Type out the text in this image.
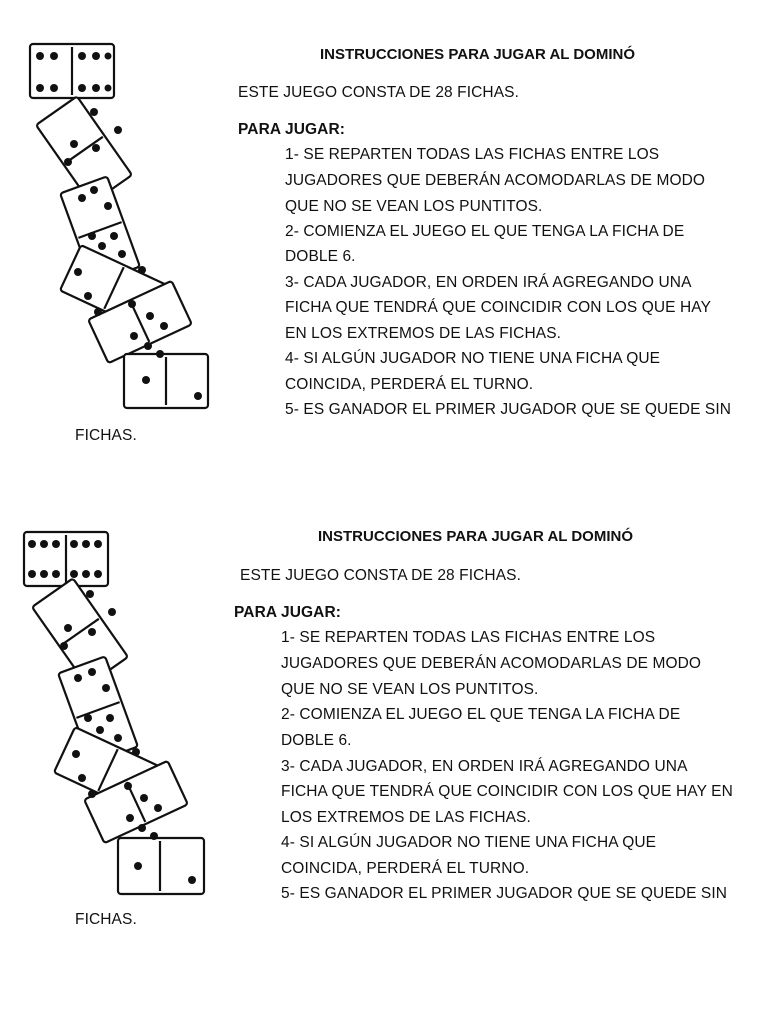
INSTRUCCIONES PARA JUGAR AL DOMINÓ
ESTE JUEGO CONSTA DE 28 FICHAS.
PARA JUGAR:
1- SE REPARTEN TODAS LAS FICHAS ENTRE LOS
JUGADORES QUE DEBERÁN ACOMODARLAS DE MODO
QUE NO SE VEAN LOS PUNTITOS.
2- COMIENZA EL JUEGO EL QUE TENGA LA FICHA DE
DOBLE 6.
3- CADA JUGADOR, EN ORDEN IRÁ AGREGANDO UNA
FICHA QUE TENDRÁ QUE COINCIDIR CON LOS QUE HAY
EN LOS EXTREMOS DE LAS FICHAS.
4- SI ALGÚN JUGADOR NO TIENE UNA FICHA QUE
COINCIDA, PERDERÁ EL TURNO.
5- ES GANADOR EL PRIMER JUGADOR QUE SE QUEDE SIN
FICHAS.
INSTRUCCIONES PARA JUGAR AL DOMINÓ
ESTE JUEGO CONSTA DE 28 FICHAS.
PARA JUGAR:
1- SE REPARTEN TODAS LAS FICHAS ENTRE LOS
JUGADORES QUE DEBERÁN ACOMODARLAS DE MODO
QUE NO SE VEAN LOS PUNTITOS.
2- COMIENZA EL JUEGO EL QUE TENGA LA FICHA DE
DOBLE 6.
3- CADA JUGADOR, EN ORDEN IRÁ AGREGANDO UNA
FICHA QUE TENDRÁ QUE COINCIDIR CON LOS QUE HAY EN
LOS EXTREMOS DE LAS FICHAS.
4- SI ALGÚN JUGADOR NO TIENE UNA FICHA QUE
COINCIDA, PERDERÁ EL TURNO.
5- ES GANADOR EL PRIMER JUGADOR QUE SE QUEDE SIN
FICHAS.
